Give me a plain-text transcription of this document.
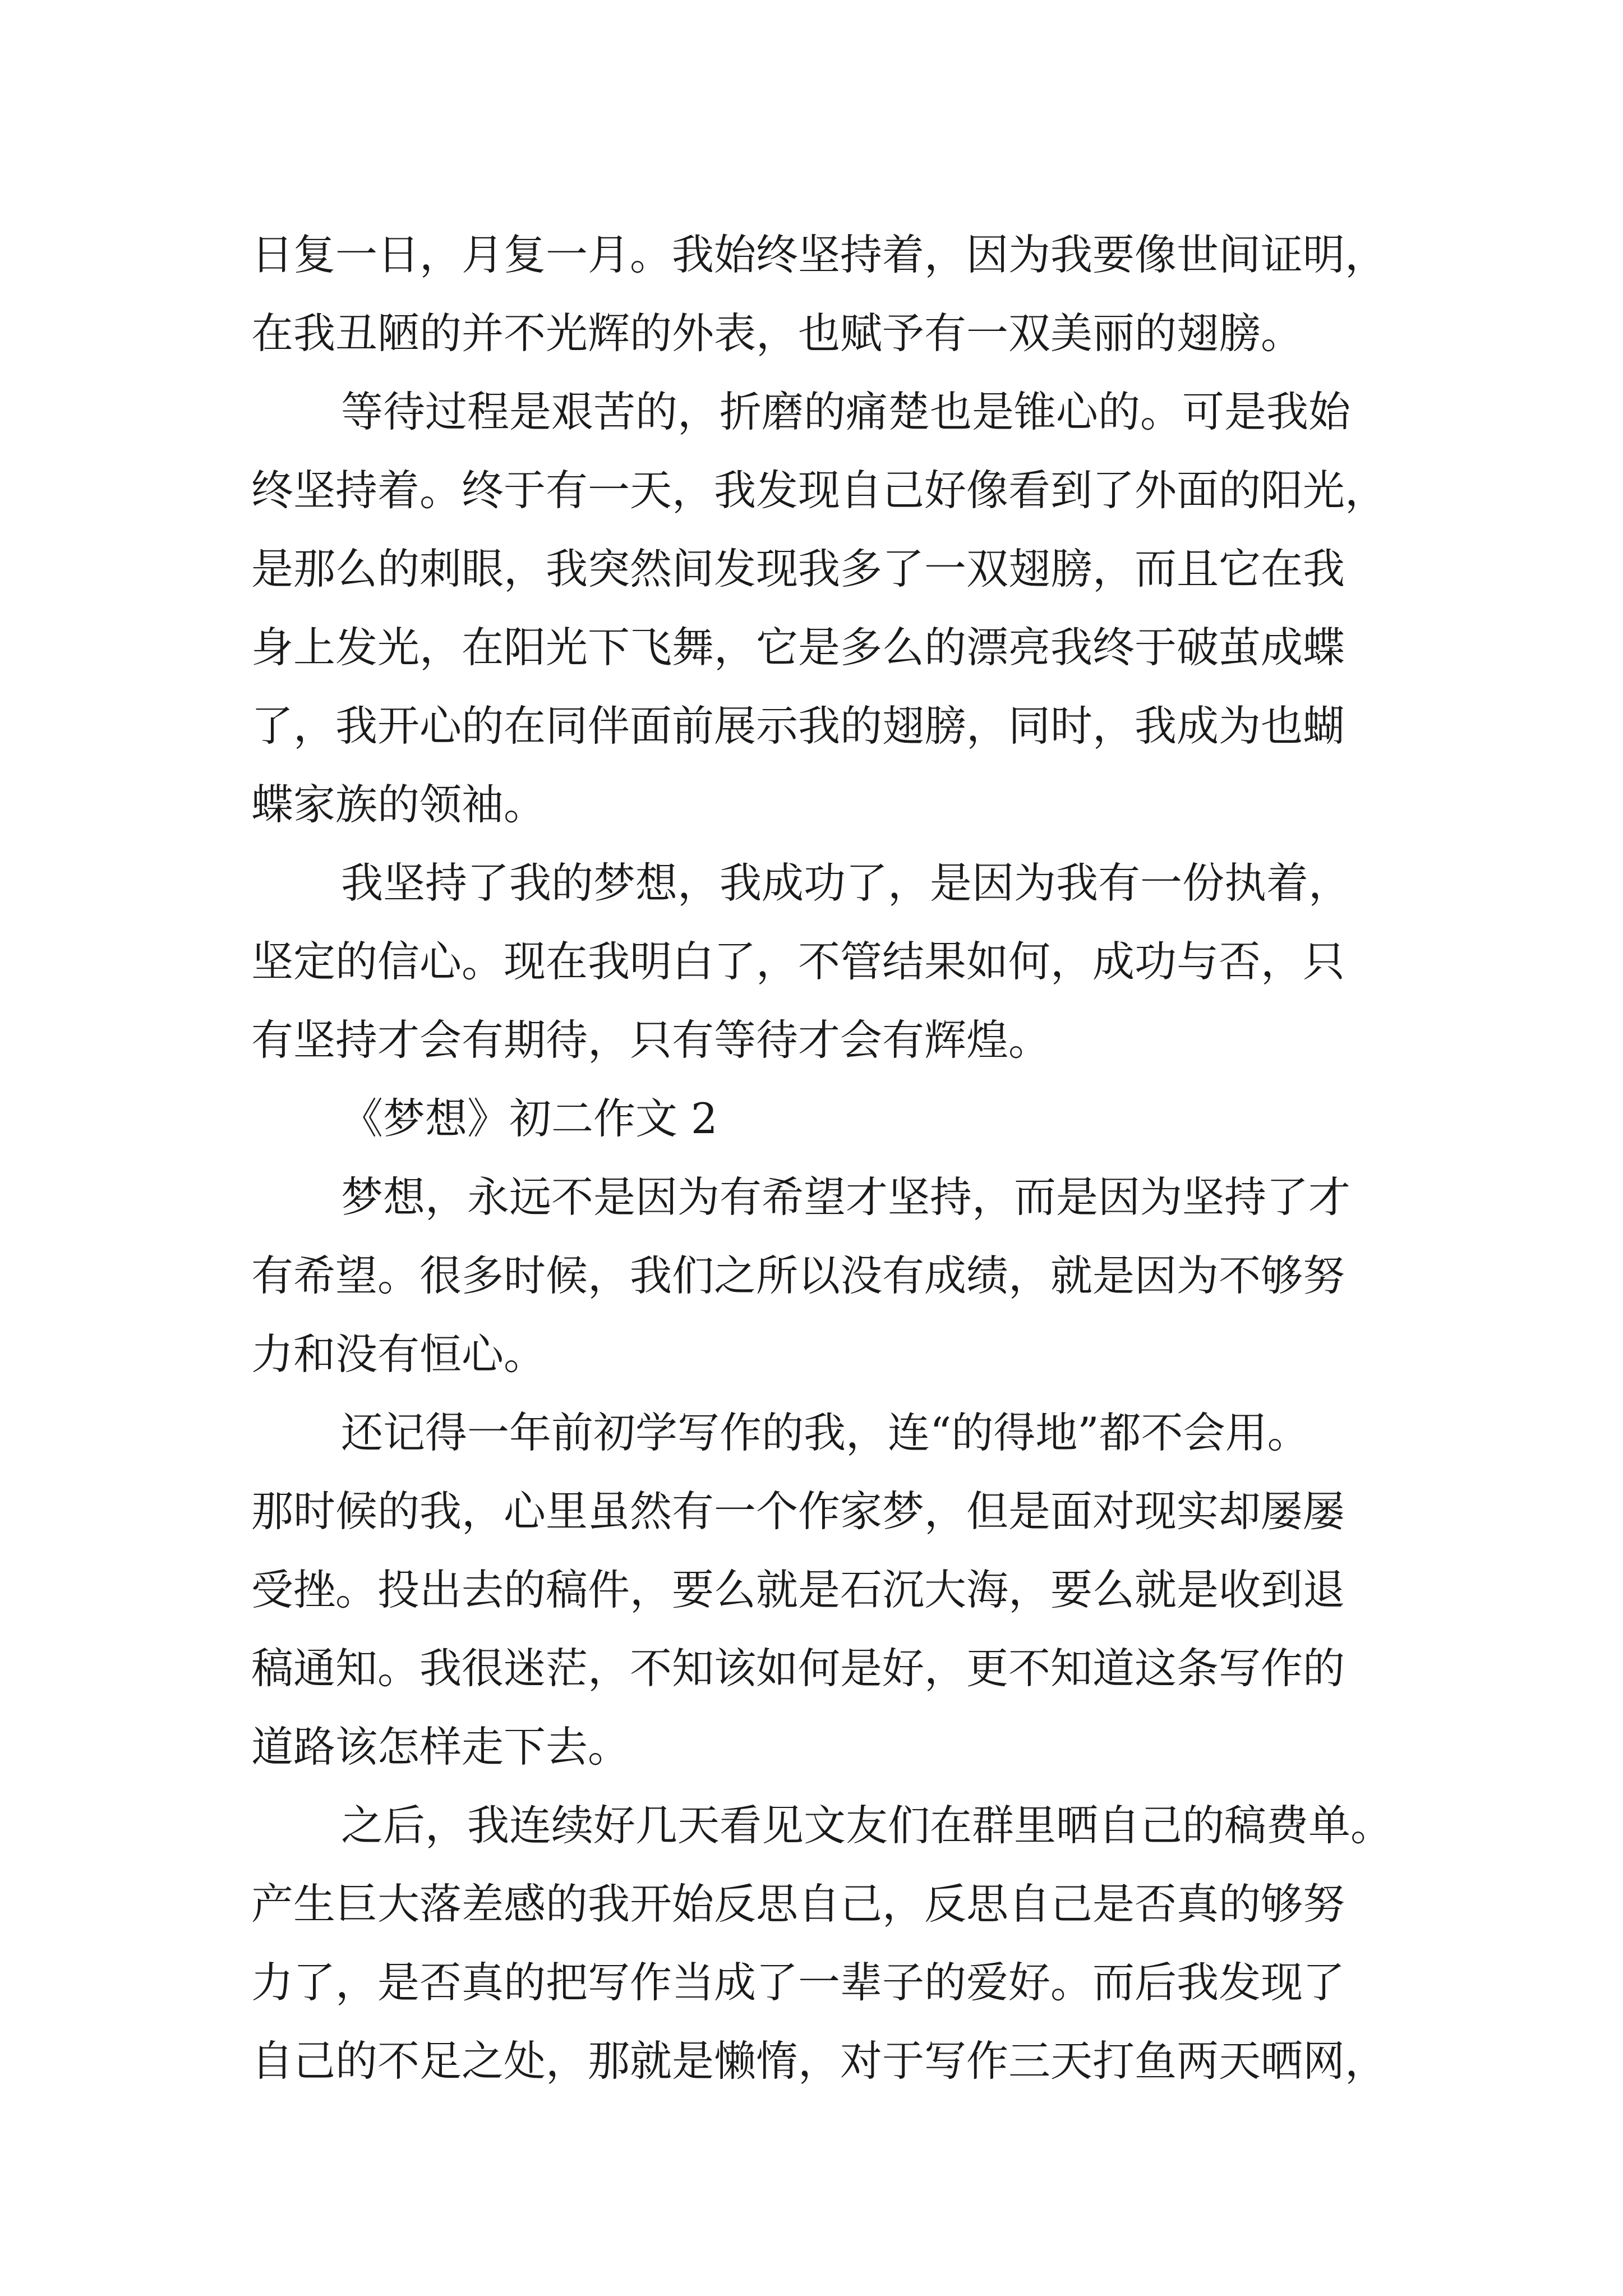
日复一日，月复一月。我始终坚持着，因为我要像世间证明，
在我丑陋的并不光辉的外表，也赋予有一双美丽的翅膀。
等待过程是艰苦的，折磨的痛楚也是锥心的。可是我始
终坚持着。终于有一天，我发现自己好像看到了外面的阳光，
是那么的刺眼，我突然间发现我多了一双翅膀，而且它在我
身上发光，在阳光下飞舞，它是多么的漂亮我终于破茧成蝶
了，我开心的在同伴面前展示我的翅膀，同时，我成为也蝴
蝶家族的领袖。
我坚持了我的梦想，我成功了，是因为我有一份执着，
坚定的信心。现在我明白了，不管结果如何，成功与否，只
有坚持才会有期待，只有等待才会有辉煌。
《梦想》初二作文 2
梦想，永远不是因为有希望才坚持，而是因为坚持了才
有希望。很多时候，我们之所以没有成绩，就是因为不够努
力和没有恒心。
还记得一年前初学写作的我，连“的得地”都不会用。
那时候的我，心里虽然有一个作家梦，但是面对现实却屡屡
受挫。投出去的稿件，要么就是石沉大海，要么就是收到退
稿通知。我很迷茫，不知该如何是好，更不知道这条写作的
道路该怎样走下去。
之后，我连续好几天看见文友们在群里晒自己的稿费单。
产生巨大落差感的我开始反思自己，反思自己是否真的够努
力了，是否真的把写作当成了一辈子的爱好。而后我发现了
自己的不足之处，那就是懒惰，对于写作三天打鱼两天晒网，
